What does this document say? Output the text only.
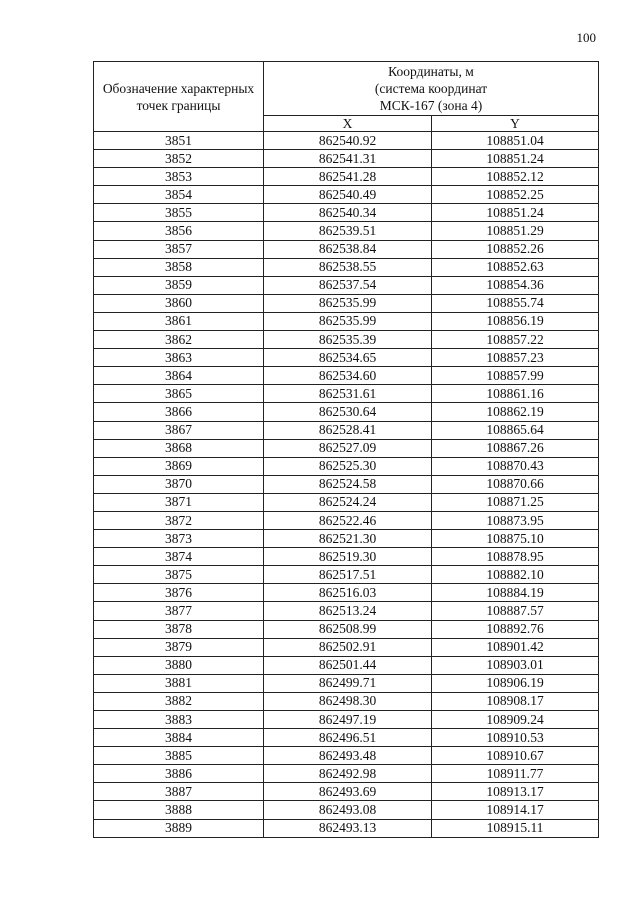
100
Обозначение характерных точек границы	Координаты, м
(система координат
МСК-167 (зона 4)	

	X	Y
3851	862540.92	108851.04
3852	862541.31	108851.24
3853	862541.28	108852.12
3854	862540.49	108852.25
3855	862540.34	108851.24
3856	862539.51	108851.29
3857	862538.84	108852.26
3858	862538.55	108852.63
3859	862537.54	108854.36
3860	862535.99	108855.74
3861	862535.99	108856.19
3862	862535.39	108857.22
3863	862534.65	108857.23
3864	862534.60	108857.99
3865	862531.61	108861.16
3866	862530.64	108862.19
3867	862528.41	108865.64
3868	862527.09	108867.26
3869	862525.30	108870.43
3870	862524.58	108870.66
3871	862524.24	108871.25
3872	862522.46	108873.95
3873	862521.30	108875.10
3874	862519.30	108878.95
3875	862517.51	108882.10
3876	862516.03	108884.19
3877	862513.24	108887.57
3878	862508.99	108892.76
3879	862502.91	108901.42
3880	862501.44	108903.01
3881	862499.71	108906.19
3882	862498.30	108908.17
3883	862497.19	108909.24
3884	862496.51	108910.53
3885	862493.48	108910.67
3886	862492.98	108911.77
3887	862493.69	108913.17
3888	862493.08	108914.17
3889	862493.13	108915.11
